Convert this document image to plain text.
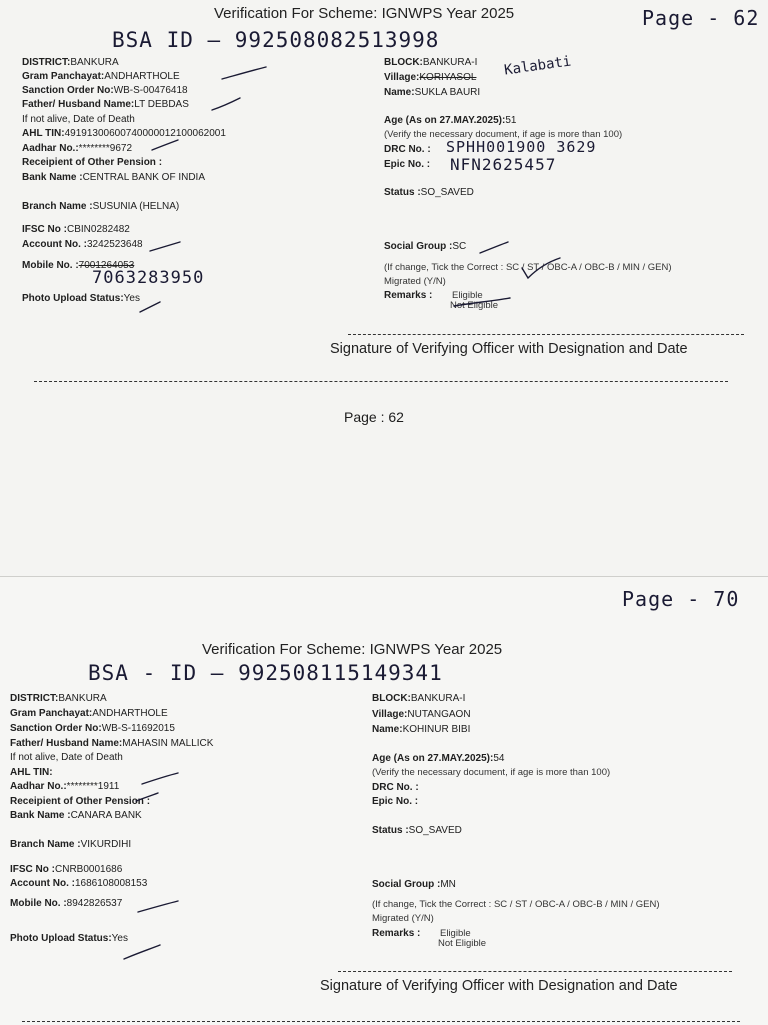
Verification For Scheme: IGNWPS Year 2025	Page - 62
BSA ID — 992508082513998
DISTRICT:BANKURA
Gram Panchayat:ANDHARTHOLE
Sanction Order No:WB-S-00476418
Father/ Husband Name:LT DEBDAS
If not alive, Date of Death
AHL TIN:49191300600740000012100062001
Aadhar No.:********9672
Receipient of Other Pension :
Bank Name :CENTRAL BANK OF INDIA
Branch Name :SUSUNIA (HELNA)
IFSC No :CBIN0282482
Account No. :3242523648
Mobile No. :7001264053
7063283950
Photo Upload Status:Yes
BLOCK:BANKURA-I
Village:KORIYASOL Kalabati
Name:SUKLA BAURI
Age (As on 27.MAY.2025):51
(Verify the necessary document, if age is more than 100)
DRC No. : SPHH001900 3629
Epic No. : NFN2625457
Status :SO_SAVED
Social Group :SC
(If change, Tick the Correct : SC / ST / OBC-A / OBC-B / MIN / GEN)
Migrated (Y/N)
Remarks : Eligible
Not Eligible
Signature of Verifying Officer with Designation and Date
Page : 62
Page - 70
Verification For Scheme: IGNWPS Year 2025
BSA - ID — 992508115149341
DISTRICT:BANKURA
Gram Panchayat:ANDHARTHOLE
Sanction Order No:WB-S-11692015
Father/ Husband Name:MAHASIN MALLICK
If not alive, Date of Death
AHL TIN:
Aadhar No.:********1911
Receipient of Other Pension :
Bank Name :CANARA BANK
Branch Name :VIKURDIHI
IFSC No :CNRB0001686
Account No. :1686108008153
Mobile No. :8942826537
Photo Upload Status:Yes
BLOCK:BANKURA-I
Village:NUTANGAON
Name:KOHINUR BIBI
Age (As on 27.MAY.2025):54
(Verify the necessary document, if age is more than 100)
DRC No. :
Epic No. :
Status :SO_SAVED
Social Group :MN
(If change, Tick the Correct : SC / ST / OBC-A / OBC-B / MIN / GEN)
Migrated (Y/N)
Remarks : Eligible
Not Eligible
Signature of Verifying Officer with Designation and Date
